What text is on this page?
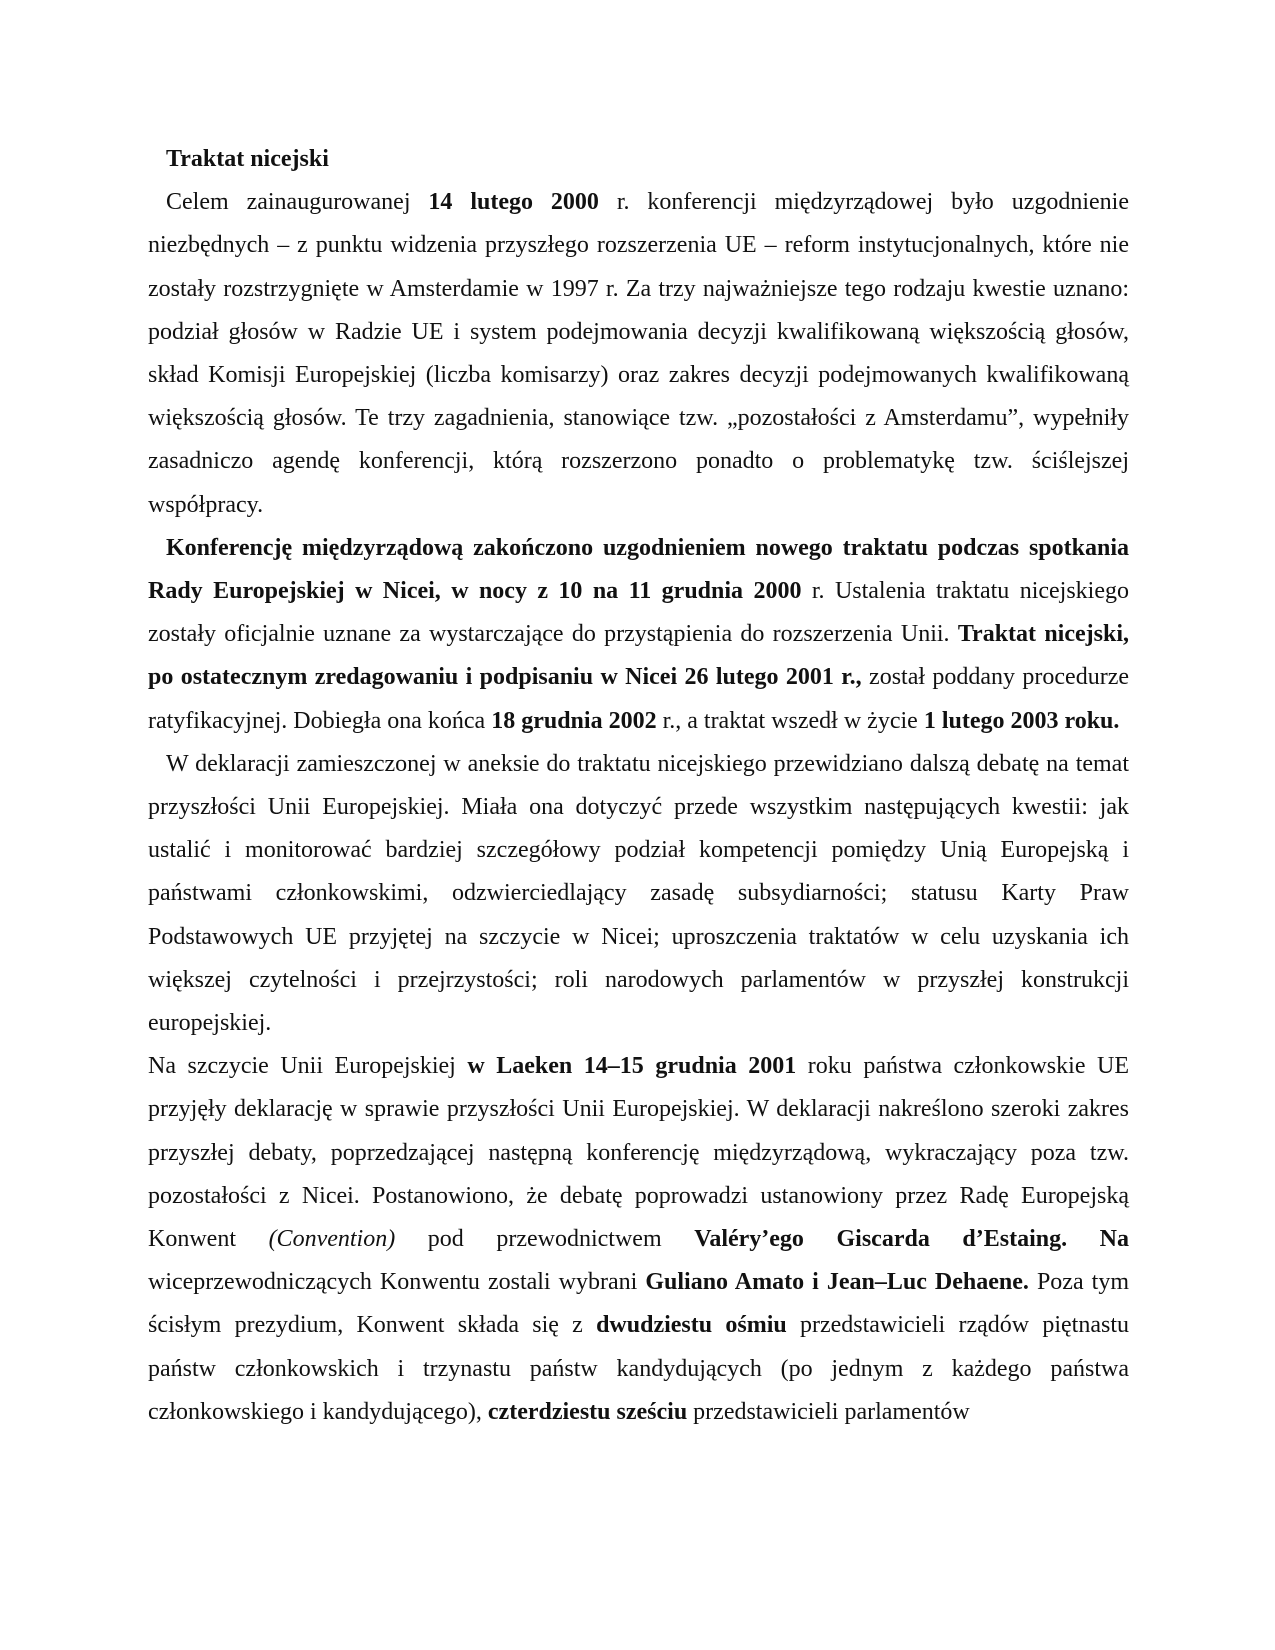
Traktat nicejski

Celem zainaugurowanej 14 lutego 2000 r. konferencji międzyrządowej było uzgodnienie niezbędnych – z punktu widzenia przyszłego rozszerzenia UE – reform instytucjonalnych, które nie zostały rozstrzygnięte w Amsterdamie w 1997 r. Za trzy najważniejsze tego rodzaju kwestie uznano: podział głosów w Radzie UE i system podejmowania decyzji kwalifikowaną większością głosów, skład Komisji Europejskiej (liczba komisarzy) oraz zakres decyzji podejmowanych kwalifikowaną większością głosów. Te trzy zagadnienia, stanowiące tzw. „pozostałości z Amsterdamu”, wypełniły zasadniczo agendę konferencji, którą rozszerzono ponadto o problematykę tzw. ściślejszej współpracy.

Konferencję międzyrządową zakończono uzgodnieniem nowego traktatu podczas spotkania Rady Europejskiej w Nicei, w nocy z 10 na 11 grudnia 2000 r. Ustalenia traktatu nicejskiego zostały oficjalnie uznane za wystarczające do przystąpienia do rozszerzenia Unii. Traktat nicejski, po ostatecznym zredagowaniu i podpisaniu w Nicei 26 lutego 2001 r., został poddany procedurze ratyfikacyjnej. Dobiegła ona końca 18 grudnia 2002 r., a traktat wszedł w życie 1 lutego 2003 roku.

W deklaracji zamieszczonej w aneksie do traktatu nicejskiego przewidziano dalszą debatę na temat przyszłości Unii Europejskiej. Miała ona dotyczyć przede wszystkim następujących kwestii: jak ustalić i monitorować bardziej szczegółowy podział kompetencji pomiędzy Unią Europejską i państwami członkowskimi, odzwierciedlający zasadę subsydiarności; statusu Karty Praw Podstawowych UE przyjętej na szczycie w Nicei; uproszczenia traktatów w celu uzyskania ich większej czytelności i przejrzystości; roli narodowych parlamentów w przyszłej konstrukcji europejskiej.

Na szczycie Unii Europejskiej w Laeken 14–15 grudnia 2001 roku państwa członkowskie UE przyjęły deklarację w sprawie przyszłości Unii Europejskiej. W deklaracji nakreślono szeroki zakres przyszłej debaty, poprzedzającej następną konferencję międzyrządową, wykraczający poza tzw. pozostałości z Nicei. Postanowiono, że debatę poprowadzi ustanowiony przez Radę Europejską Konwent (Convention) pod przewodnictwem Valéry’ego Giscarda d’Estaing. Na wiceprzewodniczących Konwentu zostali wybrani Guliano Amato i Jean–Luc Dehaene. Poza tym ścisłym prezydium, Konwent składa się z dwudziestu ośmiu przedstawicieli rządów piętnastu państw członkowskich i trzynastu państw kandydujących (po jednym z każdego państwa członkowskiego i kandydującego), czterdziestu sześciu przedstawicieli parlamentów
